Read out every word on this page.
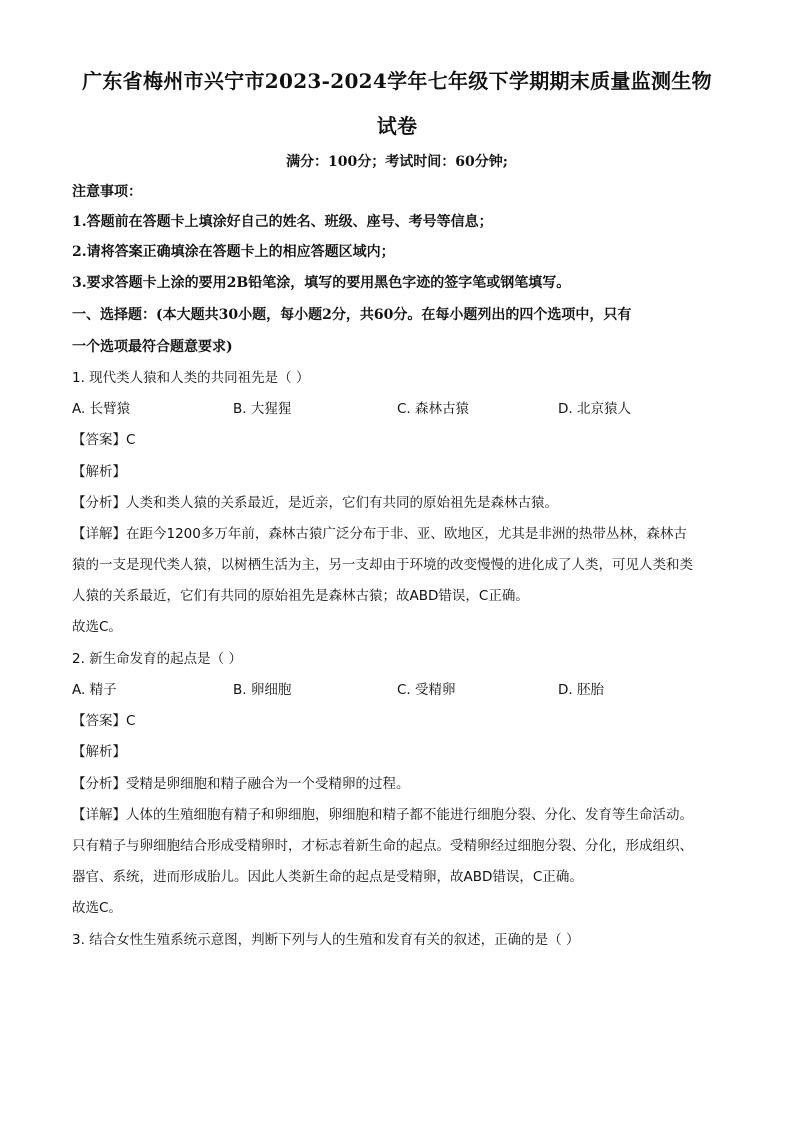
广东省梅州市兴宁市2023-2024学年七年级下学期期末质量监测生物
试卷
满分：100分；考试时间：60分钟;
注意事项：
1.答题前在答题卡上填涂好自己的姓名、班级、座号、考号等信息；
2.请将答案正确填涂在答题卡上的相应答题区域内；
3.要求答题卡上涂的要用2B铅笔涂，填写的要用黑色字迹的签字笔或钢笔填写。
一、选择题：(本大题共30小题，每小题2分，共60分。在每小题列出的四个选项中，只有
一个选项最符合题意要求)
1. 现代类人猿和人类的共同祖先是（ ）
A. 长臂猿	B. 大猩猩	C. 森林古猿	D. 北京猿人
【答案】C
【解析】
【分析】人类和类人猿的关系最近，是近亲，它们有共同的原始祖先是森林古猿。
【详解】在距今1200多万年前，森林古猿广泛分布于非、亚、欧地区，尤其是非洲的热带丛林，森林古
猿的一支是现代类人猿，以树栖生活为主，另一支却由于环境的改变慢慢的进化成了人类，可见人类和类
人猿的关系最近，它们有共同的原始祖先是森林古猿；故ABD错误，C正确。
故选C。
2. 新生命发育的起点是（ ）
A. 精子	B. 卵细胞	C. 受精卵	D. 胚胎
【答案】C
【解析】
【分析】受精是卵细胞和精子融合为一个受精卵的过程。
【详解】人体的生殖细胞有精子和卵细胞，卵细胞和精子都不能进行细胞分裂、分化、发育等生命活动。
只有精子与卵细胞结合形成受精卵时，才标志着新生命的起点。受精卵经过细胞分裂、分化，形成组织、
器官、系统，进而形成胎儿。因此人类新生命的起点是受精卵，故ABD错误，C正确。
故选C。
3. 结合女性生殖系统示意图，判断下列与人的生殖和发育有关的叙述，正确的是（ ）
